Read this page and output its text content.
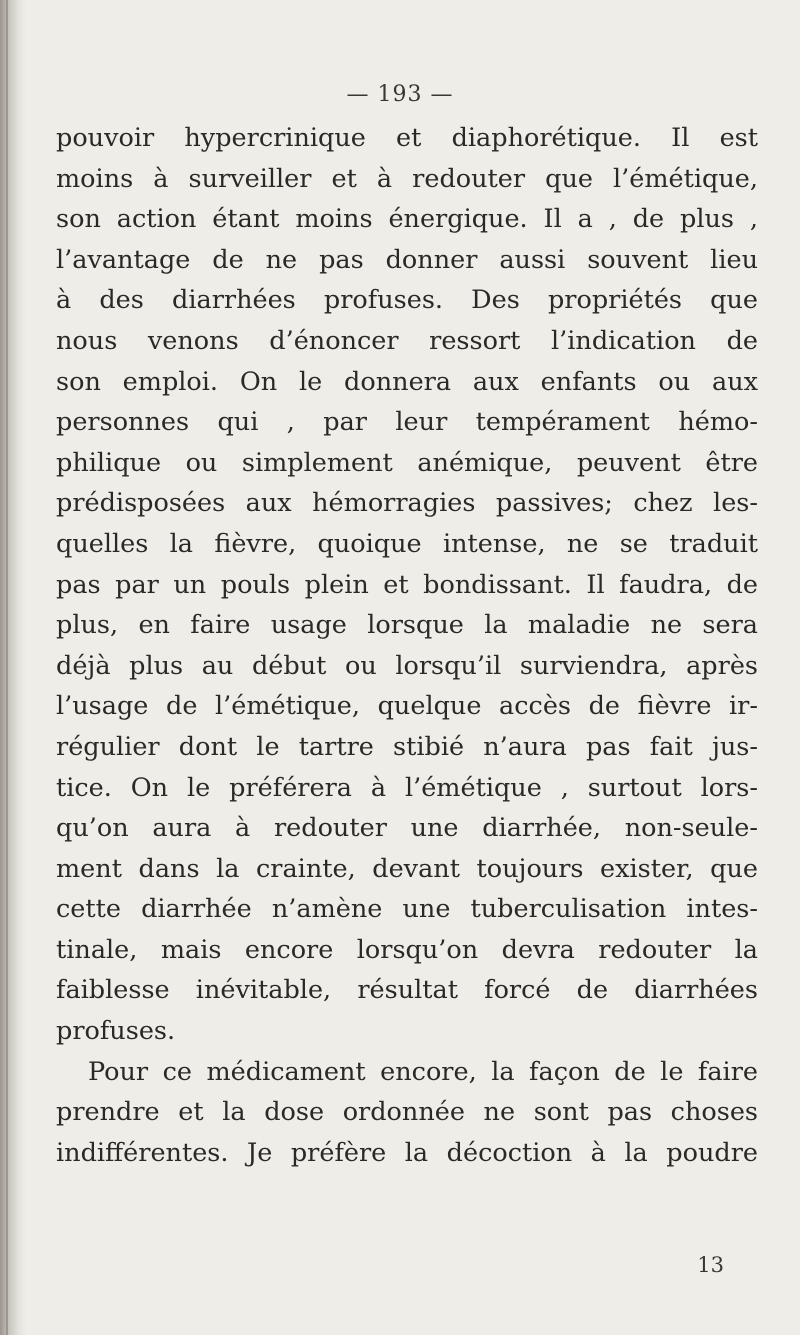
— 193 —
pouvoir hypercrinique et diaphorétique. Il est
moins à surveiller et à redouter que l’émétique,
son action étant moins énergique. Il a , de plus ,
l’avantage de ne pas donner aussi souvent lieu
à des diarrhées profuses. Des propriétés que
nous venons d’énoncer ressort l’indication de
son emploi. On le donnera aux enfants ou aux
personnes qui , par leur tempérament hémo-
philique ou simplement anémique, peuvent être
prédisposées aux hémorragies passives; chez les-
quelles la fièvre, quoique intense, ne se traduit
pas par un pouls plein et bondissant. Il faudra, de
plus, en faire usage lorsque la maladie ne sera
déjà plus au début ou lorsqu’il surviendra, après
l’usage de l’émétique, quelque accès de fièvre ir-
régulier dont le tartre stibié n’aura pas fait jus-
tice. On le préférera à l’émétique , surtout lors-
qu’on aura à redouter une diarrhée, non-seule-
ment dans la crainte, devant toujours exister, que
cette diarrhée n’amène une tuberculisation intes-
tinale, mais encore lorsqu’on devra redouter la
faiblesse inévitable, résultat forcé de diarrhées
profuses.
Pour ce médicament encore, la façon de le faire
prendre et la dose ordonnée ne sont pas choses
indifférentes. Je préfère la décoction à la poudre
13
